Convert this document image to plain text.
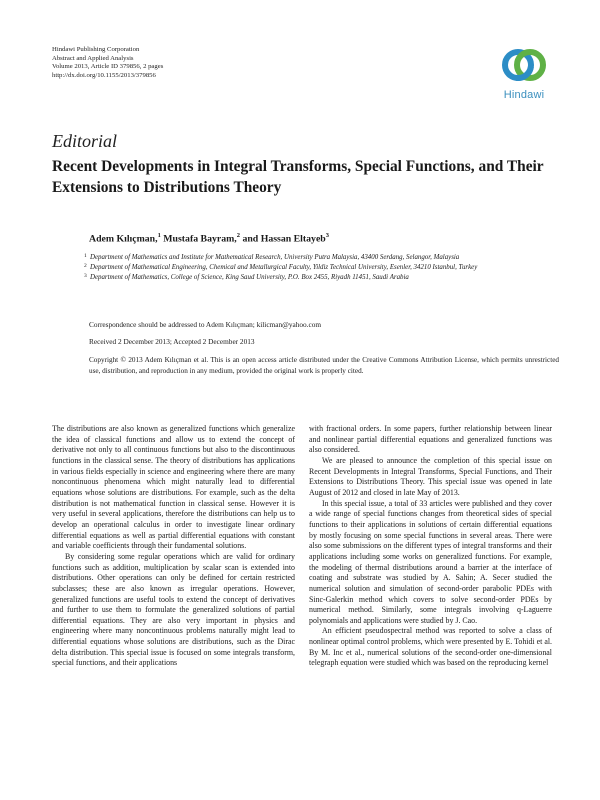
Hindawi Publishing Corporation
Abstract and Applied Analysis
Volume 2013, Article ID 379856, 2 pages
http://dx.doi.org/10.1155/2013/379856
Hindawi
Editorial
Recent Developments in Integral Transforms, Special Functions, and Their Extensions to Distributions Theory
Adem Kılıçman,$^1$ Mustafa Bayram,$^2$ and Hassan Eltayeb$^3$
1 Department of Mathematics and Institute for Mathematical Research, University Putra Malaysia, 43400 Serdang, Selangor, Malaysia
2 Department of Mathematical Engineering, Chemical and Metallurgical Faculty, Yildiz Technical University, Esenler, 34210 Istanbul, Turkey
3 Department of Mathematics, College of Science, King Saud University, P.O. Box 2455, Riyadh 11451, Saudi Arabia
Correspondence should be addressed to Adem Kılıçman; kilicman@yahoo.com
Received 2 December 2013; Accepted 2 December 2013
Copyright © 2013 Adem Kılıçman et al. This is an open access article distributed under the Creative Commons Attribution License, which permits unrestricted use, distribution, and reproduction in any medium, provided the original work is properly cited.

The distributions are also known as generalized functions which generalize the idea of classical functions and allow us to extend the concept of derivative not only to all continuous functions but also to the discontinuous functions in the classical sense. The theory of distributions has applications in various fields especially in science and engineering where there are many noncontinuous phenomena which might naturally lead to differential equations whose solutions are distributions. For example, such as the delta distribution is not mathematical function in classical sense. However it is very useful in several applications, therefore the distributions can help us to develop an operational calculus in order to investigate linear ordinary differential equations as well as partial differential equations with constant and variable coefficients through their fundamental solutions.

By considering some regular operations which are valid for ordinary functions such as addition, multiplication by scalar scan is extended into distributions. Other operations can only be defined for certain restricted subclasses; these are also known as irregular operations. However, generalized functions are useful tools to extend the concept of derivatives and further to use them to formulate the generalized solutions of partial differential equations. They are also very important in physics and engineering where many noncontinuous problems naturally might lead to differential equations whose solutions are distributions, such as the Dirac delta distribution. This special issue is focused on some integrals transform, special functions, and their applications

with fractional orders. In some papers, further relationship between linear and nonlinear partial differential equations and generalized functions was also considered.

We are pleased to announce the completion of this special issue on Recent Developments in Integral Transforms, Special Functions, and Their Extensions to Distributions Theory. This special issue was opened in late August of 2012 and closed in late May of 2013.

In this special issue, a total of 33 articles were published and they cover a wide range of special functions changes from theoretical sides of special functions to their applications in solutions of certain differential equations by mostly focusing on some special functions in several areas. There were also some submissions on the different types of integral transforms and their applications including some works on generalized functions. For example, the modeling of thermal distributions around a barrier at the interface of coating and substrate was studied by A. Sahin; A. Secer studied the numerical solution and simulation of second-order parabolic PDEs with Sinc-Galerkin method which covers to solve second-order PDEs by numerical method. Similarly, some integrals involving q-Laguerre polynomials and applications were studied by J. Cao.

An efficient pseudospectral method was reported to solve a class of nonlinear optimal control problems, which were presented by E. Tohidi et al. By M. Inc et al., numerical solutions of the second-order one-dimensional telegraph equation were studied which was based on the reproducing kernel
